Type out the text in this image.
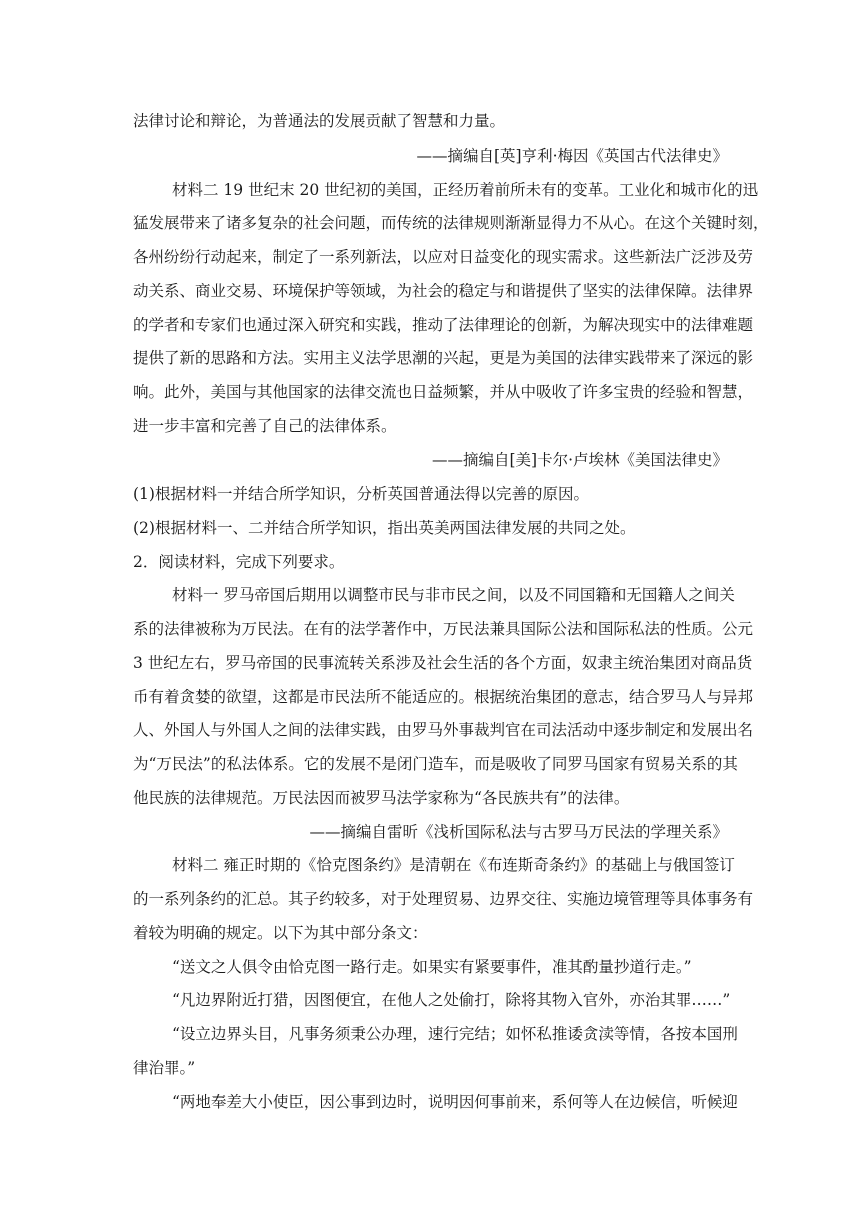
法律讨论和辩论，为普通法的发展贡献了智慧和力量。
——摘编自[英]亨利·梅因《英国古代法律史》
材料二 19 世纪末 20 世纪初的美国，正经历着前所未有的变革。工业化和城市化的迅
猛发展带来了诸多复杂的社会问题，而传统的法律规则渐渐显得力不从心。在这个关键时刻，
各州纷纷行动起来，制定了一系列新法，以应对日益变化的现实需求。这些新法广泛涉及劳
动关系、商业交易、环境保护等领域，为社会的稳定与和谐提供了坚实的法律保障。法律界
的学者和专家们也通过深入研究和实践，推动了法律理论的创新，为解决现实中的法律难题
提供了新的思路和方法。实用主义法学思潮的兴起，更是为美国的法律实践带来了深远的影
响。此外，美国与其他国家的法律交流也日益频繁，并从中吸收了许多宝贵的经验和智慧，
进一步丰富和完善了自己的法律体系。
——摘编自[美]卡尔·卢埃林《美国法律史》
(1)根据材料一并结合所学知识，分析英国普通法得以完善的原因。
(2)根据材料一、二并结合所学知识，指出英美两国法律发展的共同之处。
2．阅读材料，完成下列要求。
材料一 罗马帝国后期用以调整市民与非市民之间，以及不同国籍和无国籍人之间关
系的法律被称为万民法。在有的法学著作中，万民法兼具国际公法和国际私法的性质。公元
3 世纪左右，罗马帝国的民事流转关系涉及社会生活的各个方面，奴隶主统治集团对商品货
币有着贪婪的欲望，这都是市民法所不能适应的。根据统治集团的意志，结合罗马人与异邦
人、外国人与外国人之间的法律实践，由罗马外事裁判官在司法活动中逐步制定和发展出名
为“万民法”的私法体系。它的发展不是闭门造车，而是吸收了同罗马国家有贸易关系的其
他民族的法律规范。万民法因而被罗马法学家称为“各民族共有”的法律。
——摘编自雷昕《浅析国际私法与古罗马万民法的学理关系》
材料二 雍正时期的《恰克图条约》是清朝在《布连斯奇条约》的基础上与俄国签订
的一系列条约的汇总。其子约较多，对于处理贸易、边界交往、实施边境管理等具体事务有
着较为明确的规定。以下为其中部分条文：
“送文之人俱令由恰克图一路行走。如果实有紧要事件，准其酌量抄道行走。”
“凡边界附近打猎，因图便宜，在他人之处偷打，除将其物入官外，亦治其罪……”
“设立边界头目，凡事务须秉公办理，速行完结；如怀私推诿贪渎等情，各按本国刑
律治罪。”
“两地奉差大小使臣，因公事到边时，说明因何事前来，系何等人在边候信，听候迎
